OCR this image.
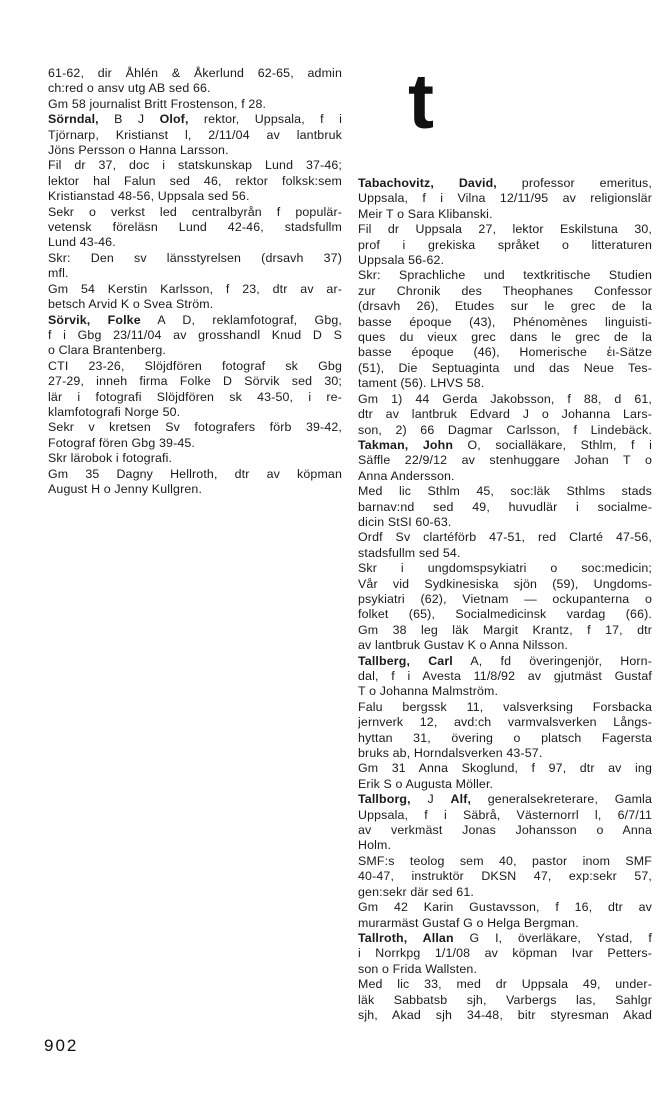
61-62, dir Åhlén & Åkerlund 62-65, admin
ch:red o ansv utg AB sed 66.
Gm 58 journalist Britt Frostenson, f 28.
Sörndal, B J Olof, rektor, Uppsala, f i
Tjörnarp, Kristianst l, 2/11/04 av lantbruk
Jöns Persson o Hanna Larsson.
Fil dr 37, doc i statskunskap Lund 37-46;
lektor hal Falun sed 46, rektor folksk:sem
Kristianstad 48-56, Uppsala sed 56.
Sekr o verkst led centralbyrån f populär-
vetensk föreläsn Lund 42-46, stadsfullm
Lund 43-46.
Skr: Den sv länsstyrelsen (drsavh 37)
mfl.
Gm 54 Kerstin Karlsson, f 23, dtr av ar-
betsch Arvid K o Svea Ström.
Sörvik, Folke A D, reklamfotograf, Gbg,
f i Gbg 23/11/04 av grosshandl Knud D S
o Clara Brantenberg.
CTI 23-26, Slöjdfören fotograf sk Gbg
27-29, inneh firma Folke D Sörvik sed 30;
lär i fotografi Slöjdfören sk 43-50, i re-
klamfotografi Norge 50.
Sekr v kretsen Sv fotografers förb 39-42,
Fotograf fören Gbg 39-45.
Skr lärobok i fotografi.
Gm 35 Dagny Hellroth, dtr av köpman
August H o Jenny Kullgren.
t
Tabachovitz, David, professor emeritus,
Uppsala, f i Vilna 12/11/95 av religionslär
Meir T o Sara Klibanski.
Fil dr Uppsala 27, lektor Eskilstuna 30,
prof i grekiska språket o litteraturen
Uppsala 56-62.
Skr: Sprachliche und textkritische Studien
zur Chronik des Theophanes Confessor
(drsavh 26), Etudes sur le grec de la
basse époque (43), Phénomènes linguisti-
ques du vieux grec dans le grec de la
basse époque (46), Homerische ἐι-Sätze
(51), Die Septuaginta und das Neue Tes-
tament (56). LHVS 58.
Gm 1) 44 Gerda Jakobsson, f 88, d 61,
dtr av lantbruk Edvard J o Johanna Lars-
son, 2) 66 Dagmar Carlsson, f Lindebäck.
Takman, John O, socialläkare, Sthlm, f i
Säffle 22/9/12 av stenhuggare Johan T o
Anna Andersson.
Med lic Sthlm 45, soc:läk Sthlms stads
barnav:nd sed 49, huvudlär i socialme-
dicin StSI 60-63.
Ordf Sv clartéförb 47-51, red Clarté 47-56,
stadsfullm sed 54.
Skr i ungdomspsykiatri o soc:medicin;
Vår vid Sydkinesiska sjön (59), Ungdoms-
psykiatri (62), Vietnam — ockupanterna o
folket (65), Socialmedicinsk vardag (66).
Gm 38 leg läk Margit Krantz, f 17, dtr
av lantbruk Gustav K o Anna Nilsson.
Tallberg, Carl A, fd överingenjör, Horn-
dal, f i Avesta 11/8/92 av gjutmäst Gustaf
T o Johanna Malmström.
Falu bergssk 11, valsverksing Forsbacka
jernverk 12, avd:ch varmvalsverken Långs-
hyttan 31, övering o platsch Fagersta
bruks ab, Horndalsverken 43-57.
Gm 31 Anna Skoglund, f 97, dtr av ing
Erik S o Augusta Möller.
Tallborg, J Alf, generalsekreterare, Gamla
Uppsala, f i Säbrå, Västernorrl l, 6/7/11
av verkmäst Jonas Johansson o Anna
Holm.
SMF:s teolog sem 40, pastor inom SMF
40-47, instruktör DKSN 47, exp:sekr 57,
gen:sekr där sed 61.
Gm 42 Karin Gustavsson, f 16, dtr av
murarmäst Gustaf G o Helga Bergman.
Tallroth, Allan G I, överläkare, Ystad, f
i Norrkpg 1/1/08 av köpman Ivar Petters-
son o Frida Wallsten.
Med lic 33, med dr Uppsala 49, under-
läk Sabbatsb sjh, Varbergs las, Sahlgr
sjh, Akad sjh 34-48, bitr styresman Akad
902
